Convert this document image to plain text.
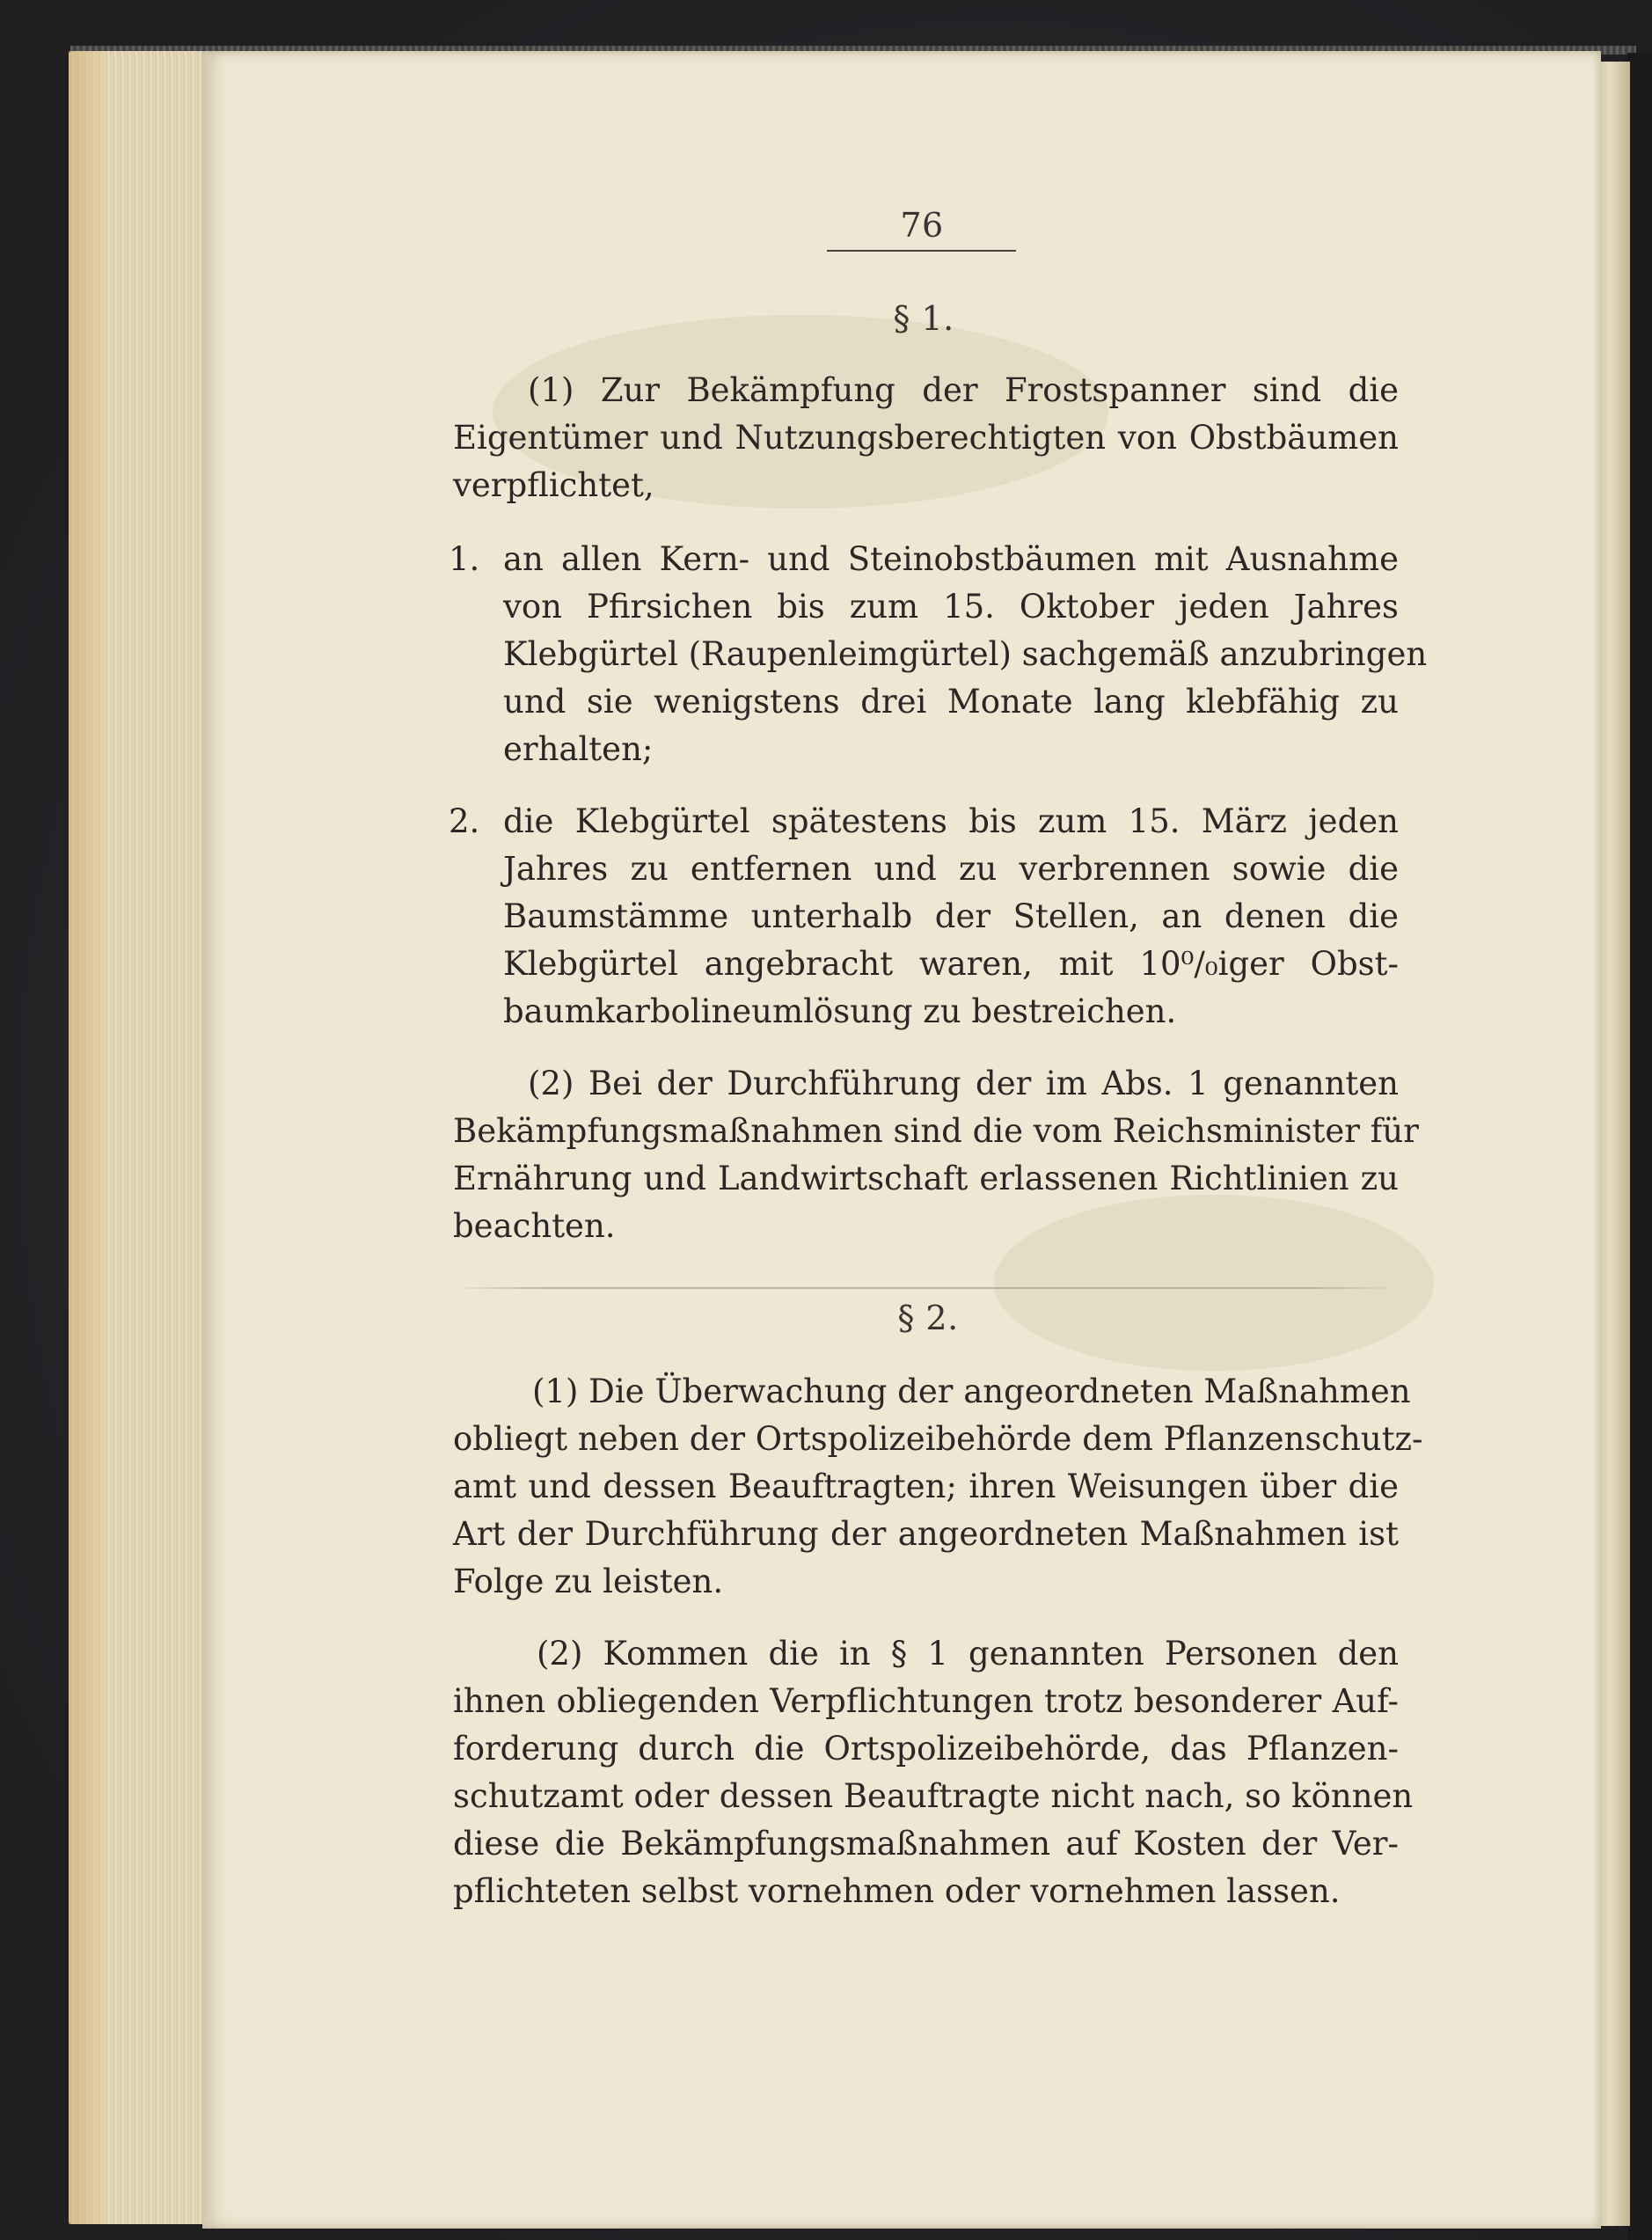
76
§ 1.
(1) Zur Bekämpfung der Frostspanner sind die
Eigentümer und Nutzungsberechtigten von Obstbäumen
verpflichtet,
1. an allen Kern- und Steinobstbäumen mit Ausnahme
von Pfirsichen bis zum 15. Oktober jeden Jahres
Klebgürtel (Raupenleimgürtel) sachgemäß anzubringen
und sie wenigstens drei Monate lang klebfähig zu
erhalten;
2. die Klebgürtel spätestens bis zum 15. März jeden
Jahres zu entfernen und zu verbrennen sowie die
Baumstämme unterhalb der Stellen, an denen die
Klebgürtel angebracht waren, mit 10⁰/₀iger Obst-
baumkarbolineumlösung zu bestreichen.
(2) Bei der Durchführung der im Abs. 1 genannten
Bekämpfungsmaßnahmen sind die vom Reichsminister für
Ernährung und Landwirtschaft erlassenen Richtlinien zu
beachten.
§ 2.
(1) Die Überwachung der angeordneten Maßnahmen
obliegt neben der Ortspolizeibehörde dem Pflanzenschutz-
amt und dessen Beauftragten; ihren Weisungen über die
Art der Durchführung der angeordneten Maßnahmen ist
Folge zu leisten.
(2) Kommen die in § 1 genannten Personen den
ihnen obliegenden Verpflichtungen trotz besonderer Auf-
forderung durch die Ortspolizeibehörde, das Pflanzen-
schutzamt oder dessen Beauftragte nicht nach, so können
diese die Bekämpfungsmaßnahmen auf Kosten der Ver-
pflichteten selbst vornehmen oder vornehmen lassen.
